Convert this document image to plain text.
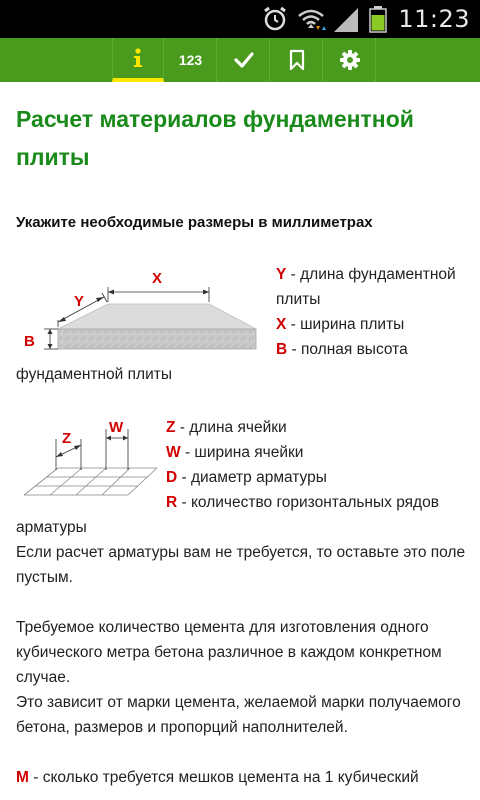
11:23
123
Расчет материалов фундаментной плиты
Укажите необходимые размеры в миллиметрах
X
Y
B
Y - длина фундаментной плиты
X - ширина плиты
B - полная высота
фундаментной плиты
Z
W	Z - длина ячейки
W - ширина ячейки
D - диаметр арматуры
R - количество горизонтальных рядов
арматуры
Если расчет арматуры вам не требуется, то оставьте это поле пустым.
Требуемое количество цемента для изготовления одного кубического метра бетона различное в каждом конкретном случае.
Это зависит от марки цемента, желаемой марки получаемого бетона, размеров и пропорций наполнителей.
M - сколько требуется мешков цемента на 1 кубический
